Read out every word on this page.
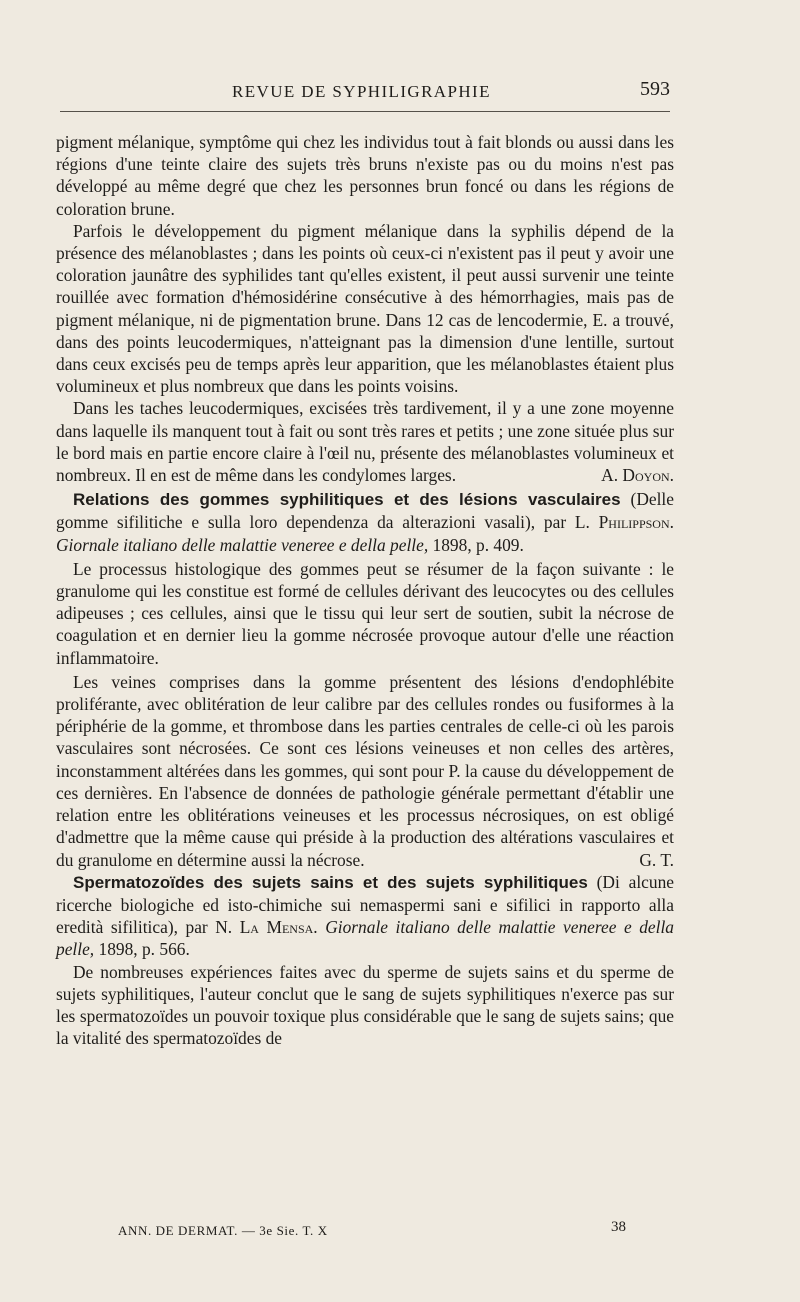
REVUE DE SYPHILIGRAPHIE	593

pigment mélanique, symptôme qui chez les individus tout à fait blonds ou aussi dans les régions d'une teinte claire des sujets très bruns n'existe pas ou du moins n'est pas développé au même degré que chez les personnes brun foncé ou dans les régions de coloration brune.

Parfois le développement du pigment mélanique dans la syphilis dépend de la présence des mélanoblastes ; dans les points où ceux-ci n'existent pas il peut y avoir une coloration jaunâtre des syphilides tant qu'elles existent, il peut aussi survenir une teinte rouillée avec formation d'hémosidérine consécutive à des hémorrhagies, mais pas de pigment mélanique, ni de pigmentation brune. Dans 12 cas de lencodermie, E. a trouvé, dans des points leucodermiques, n'atteignant pas la dimension d'une lentille, surtout dans ceux excisés peu de temps après leur apparition, que les mélanoblastes étaient plus volumineux et plus nombreux que dans les points voisins.

Dans les taches leucodermiques, excisées très tardivement, il y a une zone moyenne dans laquelle ils manquent tout à fait ou sont très rares et petits ; une zone située plus sur le bord mais en partie encore claire à l'œil nu, présente des mélanoblastes volumineux et nombreux. Il en est de même dans les condylomes larges.	A. Doyon.

Relations des gommes syphilitiques et des lésions vasculaires (Delle gomme sifilitiche e sulla loro dependenza da alterazioni vasali), par L. Philippson. Giornale italiano delle malattie veneree e della pelle, 1898, p. 409.

Le processus histologique des gommes peut se résumer de la façon suivante : le granulome qui les constitue est formé de cellules dérivant des leucocytes ou des cellules adipeuses ; ces cellules, ainsi que le tissu qui leur sert de soutien, subit la nécrose de coagulation et en dernier lieu la gomme nécrosée provoque autour d'elle une réaction inflammatoire.

Les veines comprises dans la gomme présentent des lésions d'endophlébite proliférante, avec oblitération de leur calibre par des cellules rondes ou fusiformes à la périphérie de la gomme, et thrombose dans les parties centrales de celle-ci où les parois vasculaires sont nécrosées. Ce sont ces lésions veineuses et non celles des artères, inconstamment altérées dans les gommes, qui sont pour P. la cause du développement de ces dernières. En l'absence de données de pathologie générale permettant d'établir une relation entre les oblitérations veineuses et les processus nécrosiques, on est obligé d'admettre que la même cause qui préside à la production des altérations vasculaires et du granulome en détermine aussi la nécrose.	G. T.

Spermatozoïdes des sujets sains et des sujets syphilitiques (Di alcune ricerche biologiche ed isto-chimiche sui nemaspermi sani e sifilici in rapporto alla eredità sifilitica), par N. La Mensa. Giornale italiano delle malattie veneree e della pelle, 1898, p. 566.

De nombreuses expériences faites avec du sperme de sujets sains et du sperme de sujets syphilitiques, l'auteur conclut que le sang de sujets syphilitiques n'exerce pas sur les spermatozoïdes un pouvoir toxique plus considérable que le sang de sujets sains; que la vitalité des spermatozoïdes de

ANN. DE DERMAT. — 3e Sie. T. X	38
